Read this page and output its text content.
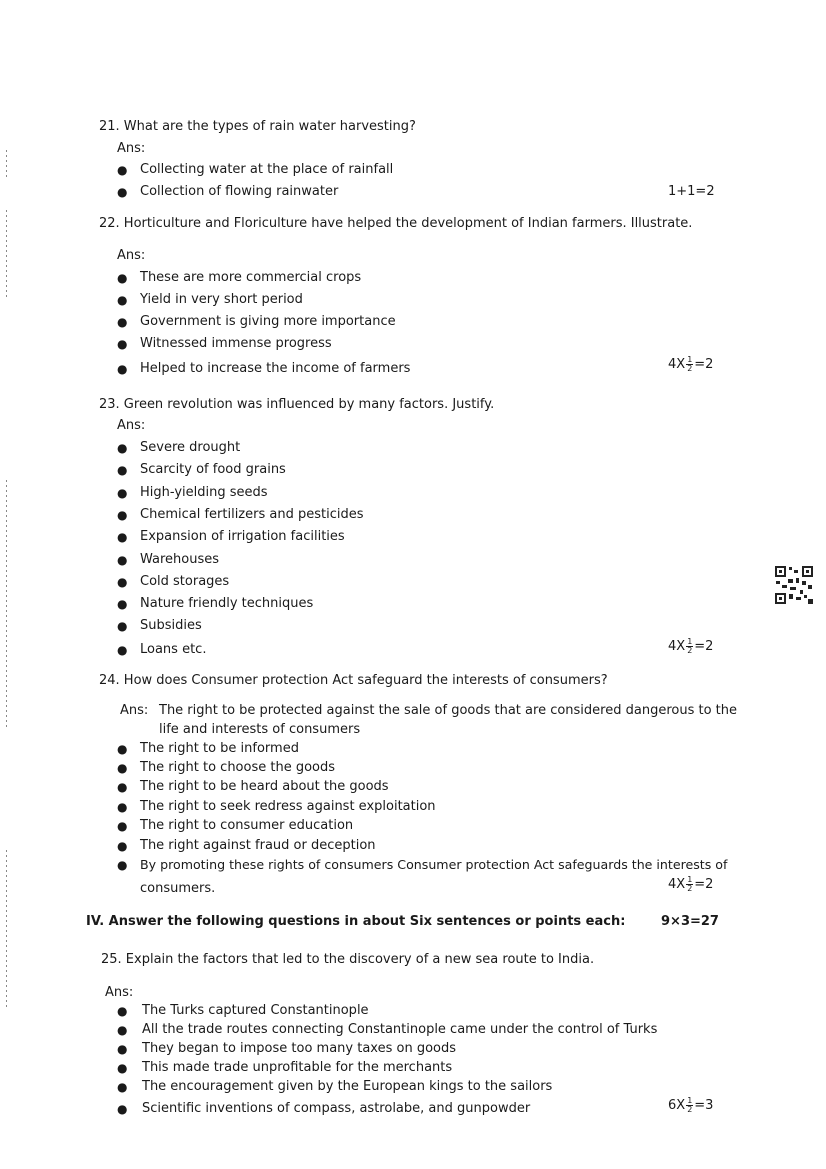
21. What are the types of rain water harvesting?
Ans:
● Collecting water at the place of rainfall
● Collection of flowing rainwater	1+1=2
22. Horticulture and Floriculture have helped the development of Indian farmers. Illustrate.
Ans:
● These are more commercial crops
● Yield in very short period
● Government is giving more importance
● Witnessed immense progress
● Helped to increase the income of farmers	$4X \frac{1}{2} =2$
23. Green revolution was influenced by many factors. Justify.
Ans:
● Severe drought
● Scarcity of food grains
● High-yielding seeds
● Chemical fertilizers and pesticides
● Expansion of irrigation facilities
● Warehouses
● Cold storages
● Nature friendly techniques
● Subsidies
● Loans etc.	$4X \frac{1}{2} =2$
24. How does Consumer protection Act safeguard the interests of consumers?
Ans: The right to be protected against the sale of goods that are considered dangerous to the
life and interests of consumers
● The right to be informed
● The right to choose the goods
● The right to be heard about the goods
● The right to seek redress against exploitation
● The right to consumer education
● The right against fraud or deception
● By promoting these rights of consumers Consumer protection Act safeguards the interests of
consumers.	$4X \frac{1}{2} =2$
IV. Answer the following questions in about Six sentences or points each:	9×3=27
25. Explain the factors that led to the discovery of a new sea route to India.
Ans:
● The Turks captured Constantinople
● All the trade routes connecting Constantinople came under the control of Turks
● They began to impose too many taxes on goods
● This made trade unprofitable for the merchants
● The encouragement given by the European kings to the sailors
● Scientific inventions of compass, astrolabe, and gunpowder	$6X \frac{1}{2} =3$
